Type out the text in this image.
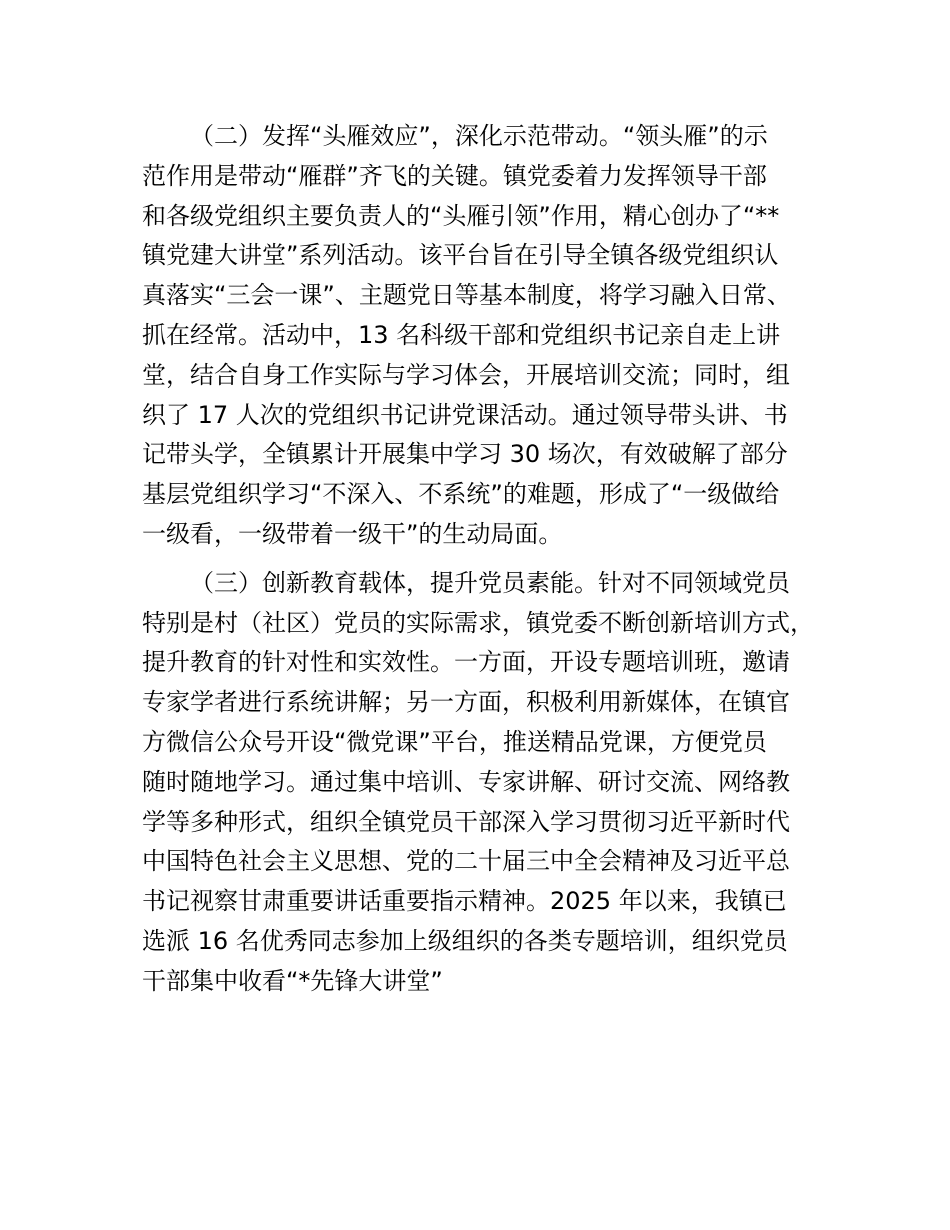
（二）发挥“头雁效应”，深化示范带动。“领头雁”的示
范作用是带动“雁群”齐飞的关键。镇党委着力发挥领导干部
和各级党组织主要负责人的“头雁引领”作用，精心创办了“**
镇党建大讲堂”系列活动。该平台旨在引导全镇各级党组织认
真落实“三会一课”、主题党日等基本制度，将学习融入日常、
抓在经常。活动中，13 名科级干部和党组织书记亲自走上讲
堂，结合自身工作实际与学习体会，开展培训交流；同时，组
织了 17 人次的党组织书记讲党课活动。通过领导带头讲、书
记带头学，全镇累计开展集中学习 30 场次，有效破解了部分
基层党组织学习“不深入、不系统”的难题，形成了“一级做给
一级看，一级带着一级干”的生动局面。

（三）创新教育载体，提升党员素能。针对不同领域党员
特别是村（社区）党员的实际需求，镇党委不断创新培训方式，
提升教育的针对性和实效性。一方面，开设专题培训班，邀请
专家学者进行系统讲解；另一方面，积极利用新媒体，在镇官
方微信公众号开设“微党课”平台，推送精品党课，方便党员
随时随地学习。通过集中培训、专家讲解、研讨交流、网络教
学等多种形式，组织全镇党员干部深入学习贯彻习近平新时代
中国特色社会主义思想、党的二十届三中全会精神及习近平总
书记视察甘肃重要讲话重要指示精神。2025 年以来，我镇已
选派 16 名优秀同志参加上级组织的各类专题培训，组织党员
干部集中收看“*先锋大讲堂”
